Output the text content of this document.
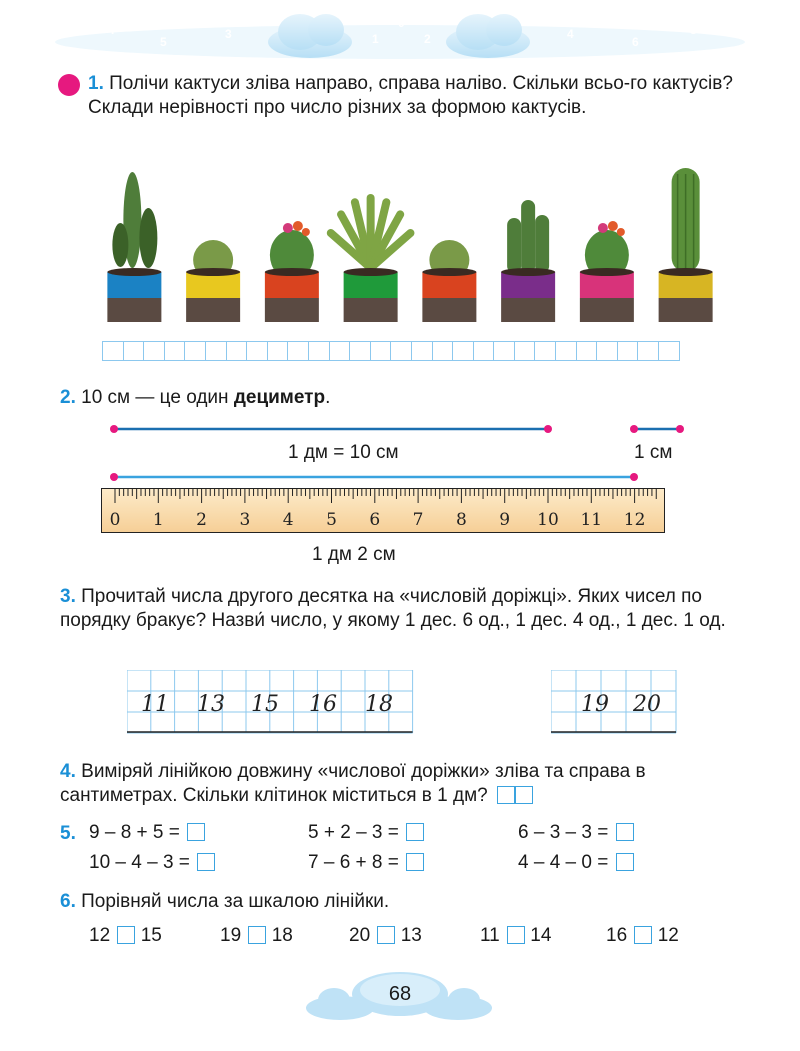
7
5
3	1
0
2	4
6
8
1. Полічи кактуси зліва направо, справа наліво. Скільки всьо-го кактусів? Склади нерівності про число різних за формою кактусів.
2. 10 см — це один дециметр.
1 дм = 10 см	1 см
0 1 2 3 4 5 6 7 8 9 10 11 12
1 дм 2 см
3. Прочитай числа другого десятка на «числовій доріжці». Яких чисел по порядку бракує? Назви́ число, у якому 1 дес. 6 од., 1 дес. 4 од., 1 дес. 1 од.
11 13 15 16 18	19 20
4. Виміряй лінійкою довжину «числової доріжки» зліва та справа в сантиметрах. Скільки клітинок міститься в 1 дм?
5. 9 – 8 + 5 =	5 + 2 – 3 =	6 – 3 – 3 =
10 – 4 – 3 =	7 – 6 + 8 =	4 – 4 – 0 =
6. Порівняй числа за шкалою лінійки.
12 15	19 18	20 13	11 14	16 12
68
